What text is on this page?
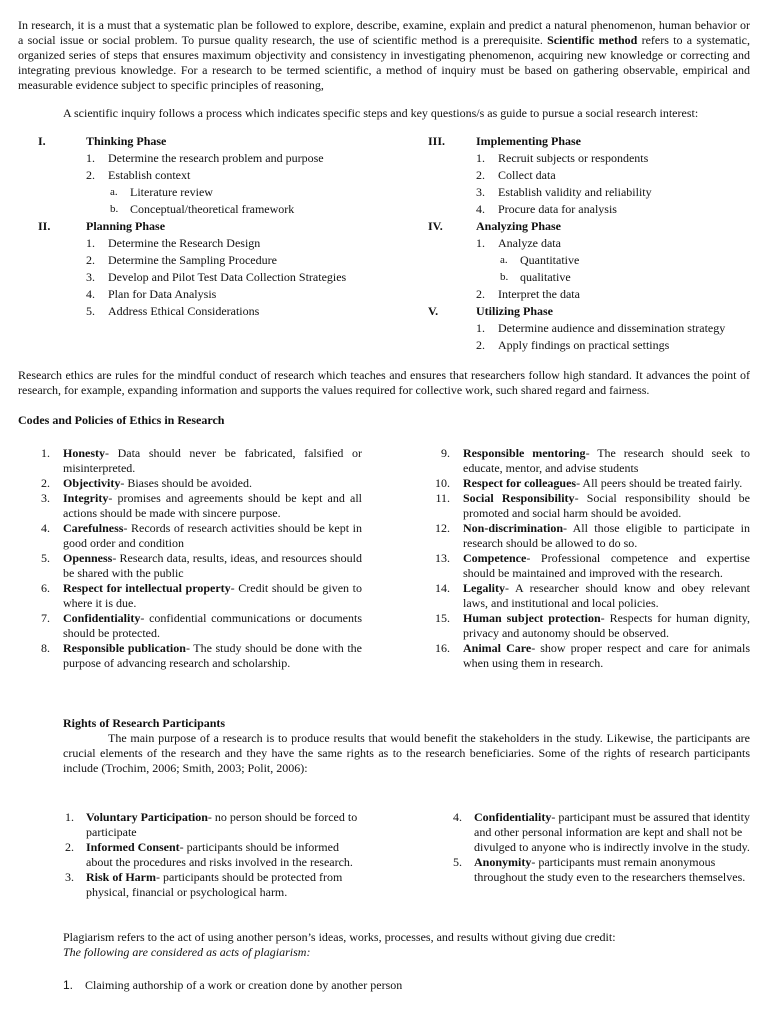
In research, it is a must that a systematic plan be followed to explore, describe, examine, explain and predict a natural phenomenon, human behavior or a social issue or social problem. To pursue quality research, the use of scientific method is a prerequisite. Scientific method refers to a systematic, organized series of steps that ensures maximum objectivity and consistency in investigating phenomenon, acquiring new knowledge or correcting and integrating previous knowledge. For a research to be termed scientific, a method of inquiry must be based on gathering observable, empirical and measurable evidence subject to specific principles of reasoning,

A scientific inquiry follows a process which indicates specific steps and key questions/s as guide to pursue a social research interest:

I.	Thinking Phase
1. Determine the research problem and purpose
2. Establish context
a. Literature review
b. Conceptual/theoretical framework
II.	Planning Phase
1. Determine the Research Design
2. Determine the Sampling Procedure
3. Develop and Pilot Test Data Collection Strategies
4. Plan for Data Analysis
5. Address Ethical Considerations
III.	Implementing Phase
1. Recruit subjects or respondents
2. Collect data
3. Establish validity and reliability
4. Procure data for analysis
IV.	Analyzing Phase
1. Analyze data
a. Quantitative
b. qualitative
2. Interpret the data
V.	Utilizing Phase
1. Determine audience and dissemination strategy
2. Apply findings on practical settings

Research ethics are rules for the mindful conduct of research which teaches and ensures that researchers follow high standard. It advances the point of research, for example, expanding information and supports the values required for collective work, such shared regard and fairness.

Codes and Policies of Ethics in Research

1. Honesty- Data should never be fabricated, falsified or misinterpreted.
2. Objectivity- Biases should be avoided.
3. Integrity- promises and agreements should be kept and all actions should be made with sincere purpose.
4. Carefulness- Records of research activities should be kept in good order and condition
5. Openness- Research data, results, ideas, and resources should be shared with the public
6. Respect for intellectual property- Credit should be given to where it is due.
7. Confidentiality- confidential communications or documents should be protected.
8. Responsible publication- The study should be done with the purpose of advancing research and scholarship.
9. Responsible mentoring- The research should seek to educate, mentor, and advise students
10. Respect for colleagues- All peers should be treated fairly.
11. Social Responsibility- Social responsibility should be promoted and social harm should be avoided.
12. Non-discrimination- All those eligible to participate in research should be allowed to do so.
13. Competence- Professional competence and expertise should be maintained and improved with the research.
14. Legality- A researcher should know and obey relevant laws, and institutional and local policies.
15. Human subject protection- Respects for human dignity, privacy and autonomy should be observed.
16. Animal Care- show proper respect and care for animals when using them in research.

Rights of Research Participants

The main purpose of a research is to produce results that would benefit the stakeholders in the study. Likewise, the participants are crucial elements of the research and they have the same rights as to the research beneficiaries. Some of the rights of research participants include (Trochim, 2006; Smith, 2003; Polit, 2006):

1. Voluntary Participation- no person should be forced to participate
2. Informed Consent- participants should be informed about the procedures and risks involved in the research.
3. Risk of Harm- participants should be protected from physical, financial or psychological harm.
4. Confidentiality- participant must be assured that identity and other personal information are kept and shall not be divulged to anyone who is indirectly involve in the study.
5. Anonymity- participants must remain anonymous throughout the study even to the researchers themselves.

Plagiarism refers to the act of using another person’s ideas, works, processes, and results without giving due credit:

The following are considered as acts of plagiarism:

1. Claiming authorship of a work or creation done by another person
